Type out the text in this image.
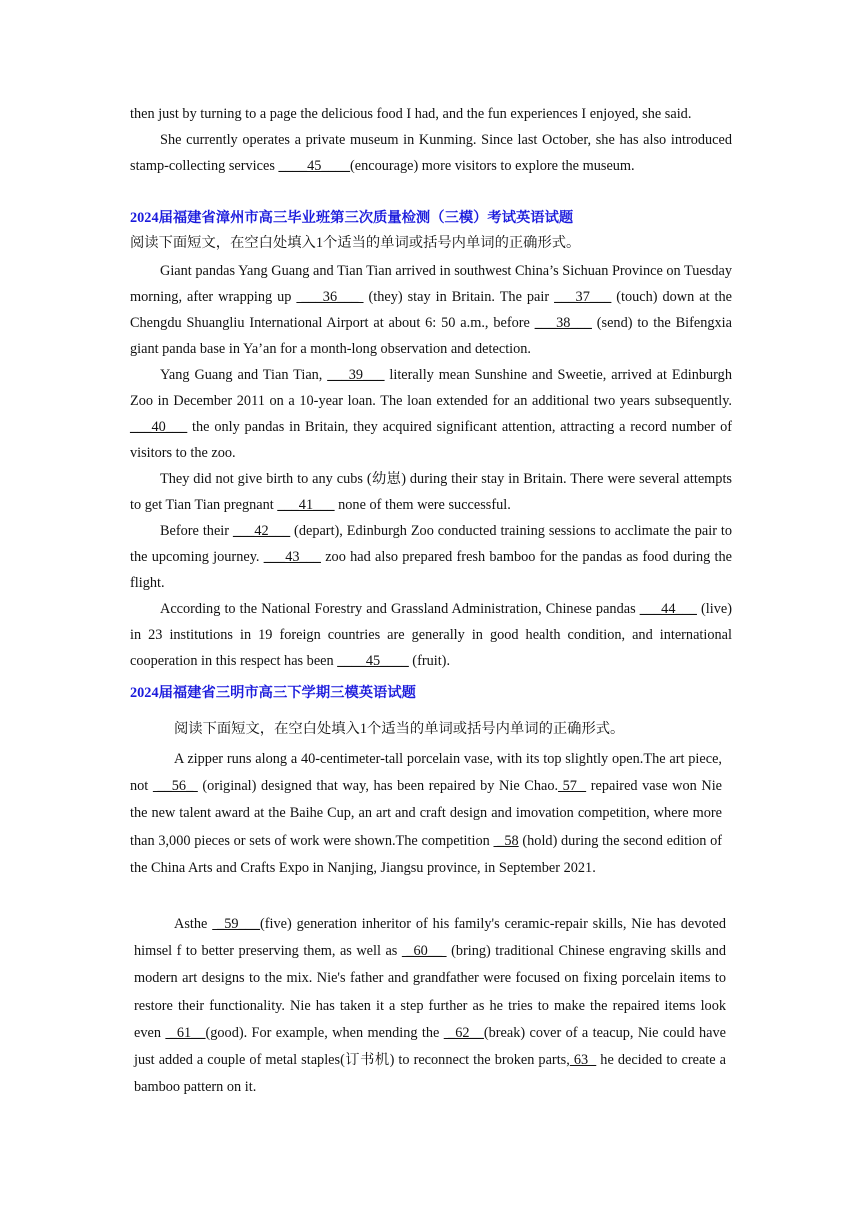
then just by turning to a page the delicious food I had, and the fun experiences I enjoyed, she said.

She currently operates a private museum in Kunming. Since last October, she has also introduced stamp-collecting services ____45____(encourage) more visitors to explore the museum.

2024届福建省漳州市高三毕业班第三次质量检测（三模）考试英语试题
阅读下面短文，在空白处填入1个适当的单词或括号内单词的正确形式。

Giant pandas Yang Guang and Tian Tian arrived in southwest China’s Sichuan Province on Tuesday morning, after wrapping up  ___36___  (they) stay in Britain. The pair ___37___ (touch) down at the Chengdu Shuangliu International Airport at about 6: 50 a.m., before ___38___ (send) to the Bifengxia giant panda base in Ya’an for a month-long observation and detection.

Yang Guang and Tian Tian, ___39___ literally mean Sunshine and Sweetie, arrived at Edinburgh Zoo in December 2011 on a 10-year loan. The loan extended for an additional two years subsequently. ___40___ the only pandas in Britain, they acquired significant attention, attracting a record number of visitors to the zoo.

They did not give birth to any cubs (幼崽) during their stay in Britain. There were several attempts to get Tian Tian pregnant ___41___ none of them were successful.

Before their ___42___ (depart), Edinburgh Zoo conducted training sessions to acclimate the pair to the upcoming journey. ___43___ zoo had also prepared fresh bamboo for the pandas as food during the flight.

According to the National Forestry and Grassland Administration, Chinese pandas ___44___ (live) in 23 institutions in 19 foreign countries are generally in good health condition, and international cooperation in this respect has been ____45____ (fruit).

2024届福建省三明市高三下学期三模英语试题
阅读下面短文，在空白处填入1个适当的单词或括号内单词的正确形式。

A zipper runs along a 40-centimeter-tall porcelain vase, with its top slightly open.The art piece, not  __56_  (original) designed that way, has been repaired by Nie Chao. 57   repaired vase won Nie the new talent award at the Baihe Cup, an art and craft design and imovation competition, where more than 3,000 pieces or sets of work were shown.The competition  _58 (hold) during the second edition of the China Arts and Crafts Expo in Nanjing, Jiangsu province, in September 2021.

Asthe  _59___(five) generation inheritor of his family's ceramic-repair skills, Nie has devoted himsel f to better preserving them, as well as  _60__  (bring) traditional Chinese engraving skills and modern art designs to the mix. Nie's father and grandfather were focused on fixing porcelain items to restore their functionality. Nie has taken it a step further as he tries to make the repaired items look even  _61__(good). For example, when mending the  _62__(break) cover of a teacup, Nie could have just added a couple of metal staples(订书机) to reconnect the broken parts, 63   he decided to create a bamboo pattern on it.
